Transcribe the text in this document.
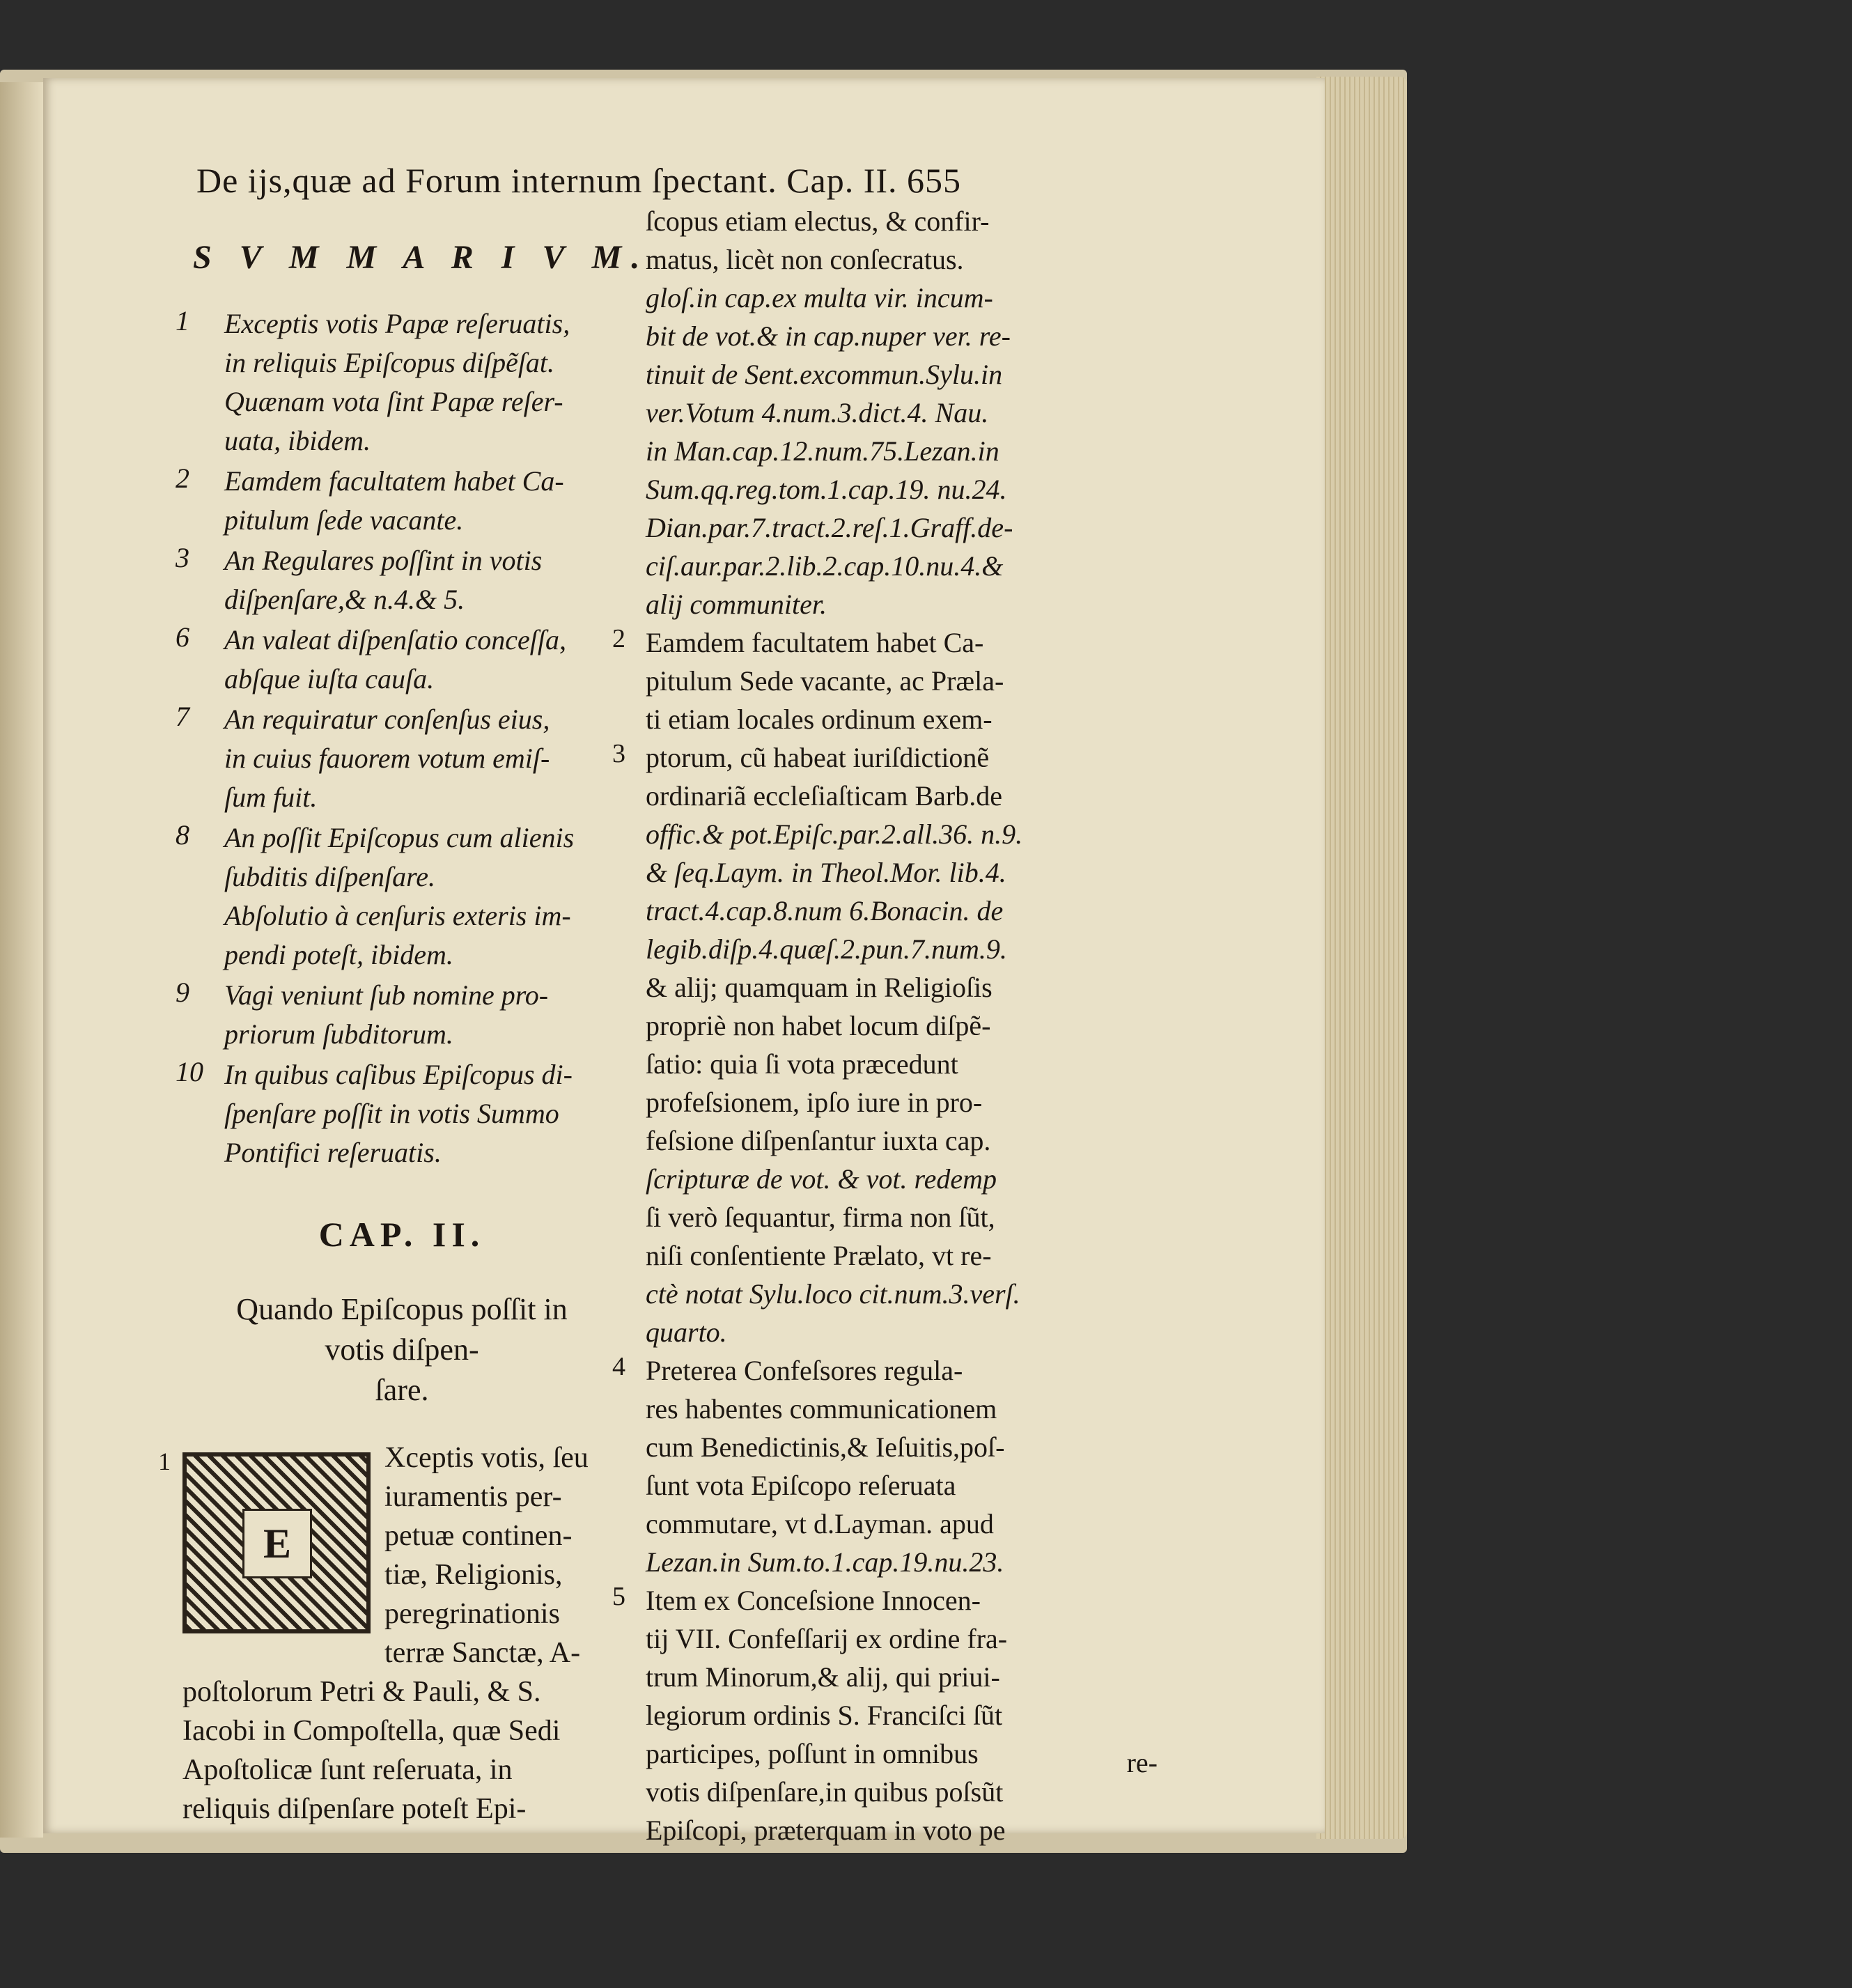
De ijs,quæ ad Forum internum ſpectant. Cap. II. 655
S V M M A R I V M.
1 Exceptis votis Papæ reſeruatis,
in reliquis Epiſcopus diſpẽſat.
Quænam vota ſint Papæ reſer-
uata, ibidem.
2 Eamdem facultatem habet Ca-
pitulum ſede vacante.
3 An Regulares poſſint in votis
diſpenſare,& n.4.& 5.
6 An valeat diſpenſatio conceſſa,
abſque iuſta cauſa.
7 An requiratur conſenſus eius,
in cuius fauorem votum emiſ-
ſum fuit.
8 An poſſit Epiſcopus cum alienis
ſubditis diſpenſare.
Abſolutio à cenſuris exteris im-
pendi poteſt, ibidem.
9 Vagi veniunt ſub nomine pro-
priorum ſubditorum.
10 In quibus caſibus Epiſcopus di-
ſpenſare poſſit in votis Summo
Pontifici reſeruatis.
CAP. II.
Quando Epiſcopus poſſit in
votis diſpen-
ſare.
1
E
Xceptis votis, ſeu
iuramentis per-
petuæ continen-
tiæ, Religionis,
peregrinationis
terræ Sanctæ, A-
poſtolorum Petri & Pauli, & S.
Iacobi in Compoſtella, quæ Sedi
Apoſtolicæ ſunt reſeruata, in
reliquis diſpenſare poteſt Epi-
ſcopus etiam electus, & confir-
matus, licèt non conſecratus.
gloſ.in cap.ex multa vir. incum-
bit de vot.& in cap.nuper ver. re-
tinuit de Sent.excommun.Sylu.in
ver.Votum 4.num.3.dict.4. Nau.
in Man.cap.12.num.75.Lezan.in
Sum.qq.reg.tom.1.cap.19. nu.24.
Dian.par.7.tract.2.reſ.1.Graff.de-
ciſ.aur.par.2.lib.2.cap.10.nu.4.&
alij communiter.
2 Eamdem facultatem habet Ca-
pitulum Sede vacante, ac Præla-
ti etiam locales ordinum exem-
3 ptorum, cũ habeat iuriſdictionẽ
ordinariã eccleſiaſticam Barb.de
offic.& pot.Epiſc.par.2.all.36. n.9.
& ſeq.Laym. in Theol.Mor. lib.4.
tract.4.cap.8.num 6.Bonacin. de
legib.diſp.4.quæſ.2.pun.7.num.9.
& alij; quamquam in Religioſis
propriè non habet locum diſpẽ-
ſatio: quia ſi vota præcedunt
profeſsionem, ipſo iure in pro-
feſsione diſpenſantur iuxta cap.
ſcripturæ de vot. & vot. redemp
ſi verò ſequantur, firma non ſũt,
niſi conſentiente Prælato, vt re-
ctè notat Sylu.loco cit.num.3.verſ.
quarto.
4 Preterea Confeſsores regula-
res habentes communicationem
cum Benedictinis,& Ieſuitis,poſ-
ſunt vota Epiſcopo reſeruata
commutare, vt d.Layman. apud
Lezan.in Sum.to.1.cap.19.nu.23.
5 Item ex Conceſsione Innocen-
tij VII. Confeſſarij ex ordine fra-
trum Minorum,& alij, qui priui-
legiorum ordinis S. Franciſci ſũt
participes, poſſunt in omnibus
votis diſpenſare,in quibus poſsũt
Epiſcopi, præterquam in voto pe
re-
